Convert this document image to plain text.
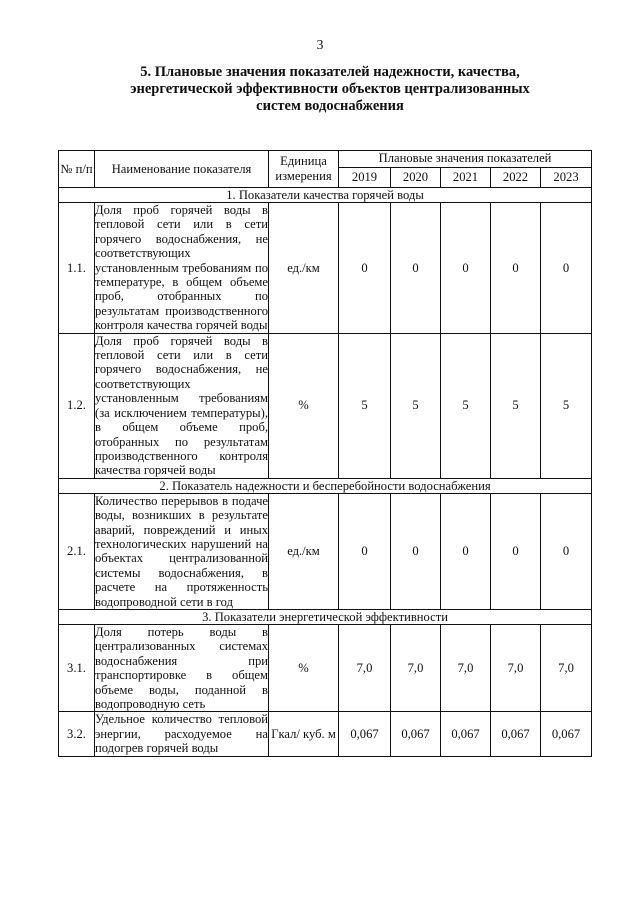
3
5. Плановые значения показателей надежности, качества,
энергетической эффективности объектов централизованных
систем водоснабжения
№ п/п	Наименование показателя	Единица измерения	Плановые значения показателей				
			2019	2020	2021	2022	2023
1. Показатели качества горячей воды							
1.1.	Доля проб горячей воды в тепловой сети или в сети горячего водоснабжения, не соответствующих установленным требованиям по температуре, в общем объеме проб, отобранных по результатам производственного контроля качества горячей воды	ед./км	0	0	0	0	0
1.2.	Доля проб горячей воды в тепловой сети или в сети горячего водоснабжения, не соответствующих установленным требованиям (за исключением температуры), в общем объеме проб, отобранных по результатам производственного контроля качества горячей воды	%	5	5	5	5	5
2. Показатель надежности и бесперебойности водоснабжения							
2.1.	Количество перерывов в подаче воды, возникших в результате аварий, повреждений и иных технологических нарушений на объектах централизованной системы водоснабжения, в расчете на протяженность водопроводной сети в год	ед./км	0	0	0	0	0
3. Показатели энергетической эффективности							
3.1.	Доля потерь воды в централизованных системах водоснабжения при транспортировке в общем объеме воды, поданной в водопроводную сеть	%	7,0	7,0	7,0	7,0	7,0
3.2.	Удельное количество тепловой энергии, расходуемое на подогрев горячей воды	Гкал/ куб. м	0,067	0,067	0,067	0,067	0,067
